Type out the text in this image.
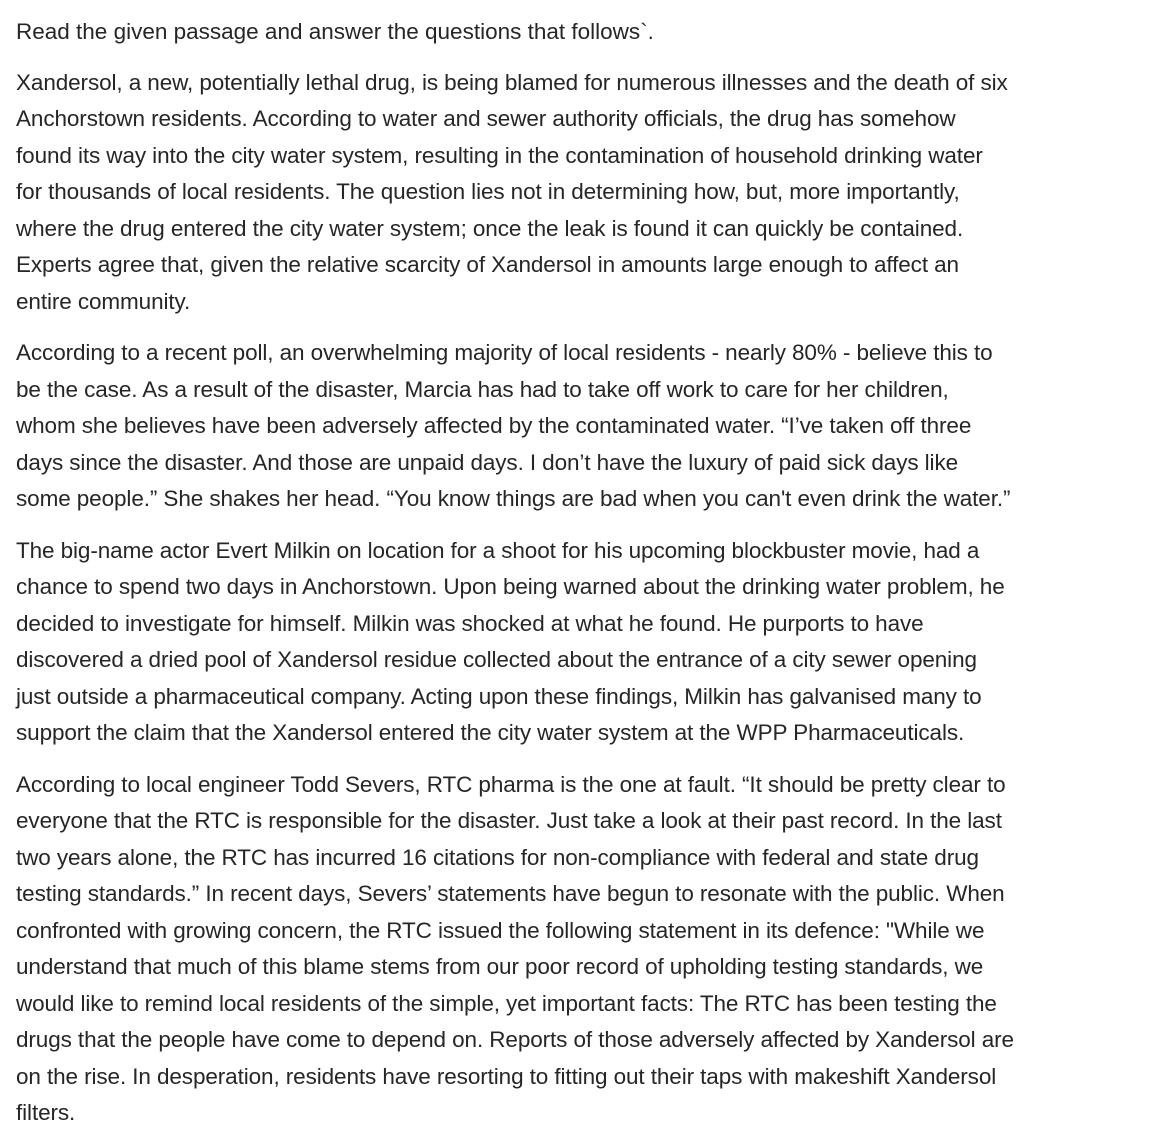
Read the given passage and answer the questions that follows`.

Xandersol, a new, potentially lethal drug, is being blamed for numerous illnesses and the death of six
Anchorstown residents. According to water and sewer authority officials, the drug has somehow
found its way into the city water system, resulting in the contamination of household drinking water
for thousands of local residents. The question lies not in determining how, but, more importantly,
where the drug entered the city water system; once the leak is found it can quickly be contained.
Experts agree that, given the relative scarcity of Xandersol in amounts large enough to affect an
entire community.

According to a recent poll, an overwhelming majority of local residents - nearly 80% - believe this to
be the case. As a result of the disaster, Marcia has had to take off work to care for her children,
whom she believes have been adversely affected by the contaminated water. “I’ve taken off three
days since the disaster. And those are unpaid days. I don’t have the luxury of paid sick days like
some people.” She shakes her head. “You know things are bad when you can't even drink the water.”

The big-name actor Evert Milkin on location for a shoot for his upcoming blockbuster movie, had a
chance to spend two days in Anchorstown. Upon being warned about the drinking water problem, he
decided to investigate for himself. Milkin was shocked at what he found. He purports to have
discovered a dried pool of Xandersol residue collected about the entrance of a city sewer opening
just outside a pharmaceutical company. Acting upon these findings, Milkin has galvanised many to
support the claim that the Xandersol entered the city water system at the WPP Pharmaceuticals.

According to local engineer Todd Severs, RTC pharma is the one at fault. “It should be pretty clear to
everyone that the RTC is responsible for the disaster. Just take a look at their past record. In the last
two years alone, the RTC has incurred 16 citations for non-compliance with federal and state drug
testing standards.” In recent days, Severs’ statements have begun to resonate with the public. When
confronted with growing concern, the RTC issued the following statement in its defence: "While we
understand that much of this blame stems from our poor record of upholding testing standards, we
would like to remind local residents of the simple, yet important facts: The RTC has been testing the
drugs that the people have come to depend on. Reports of those adversely affected by Xandersol are
on the rise. In desperation, residents have resorting to fitting out their taps with makeshift Xandersol
filters.
